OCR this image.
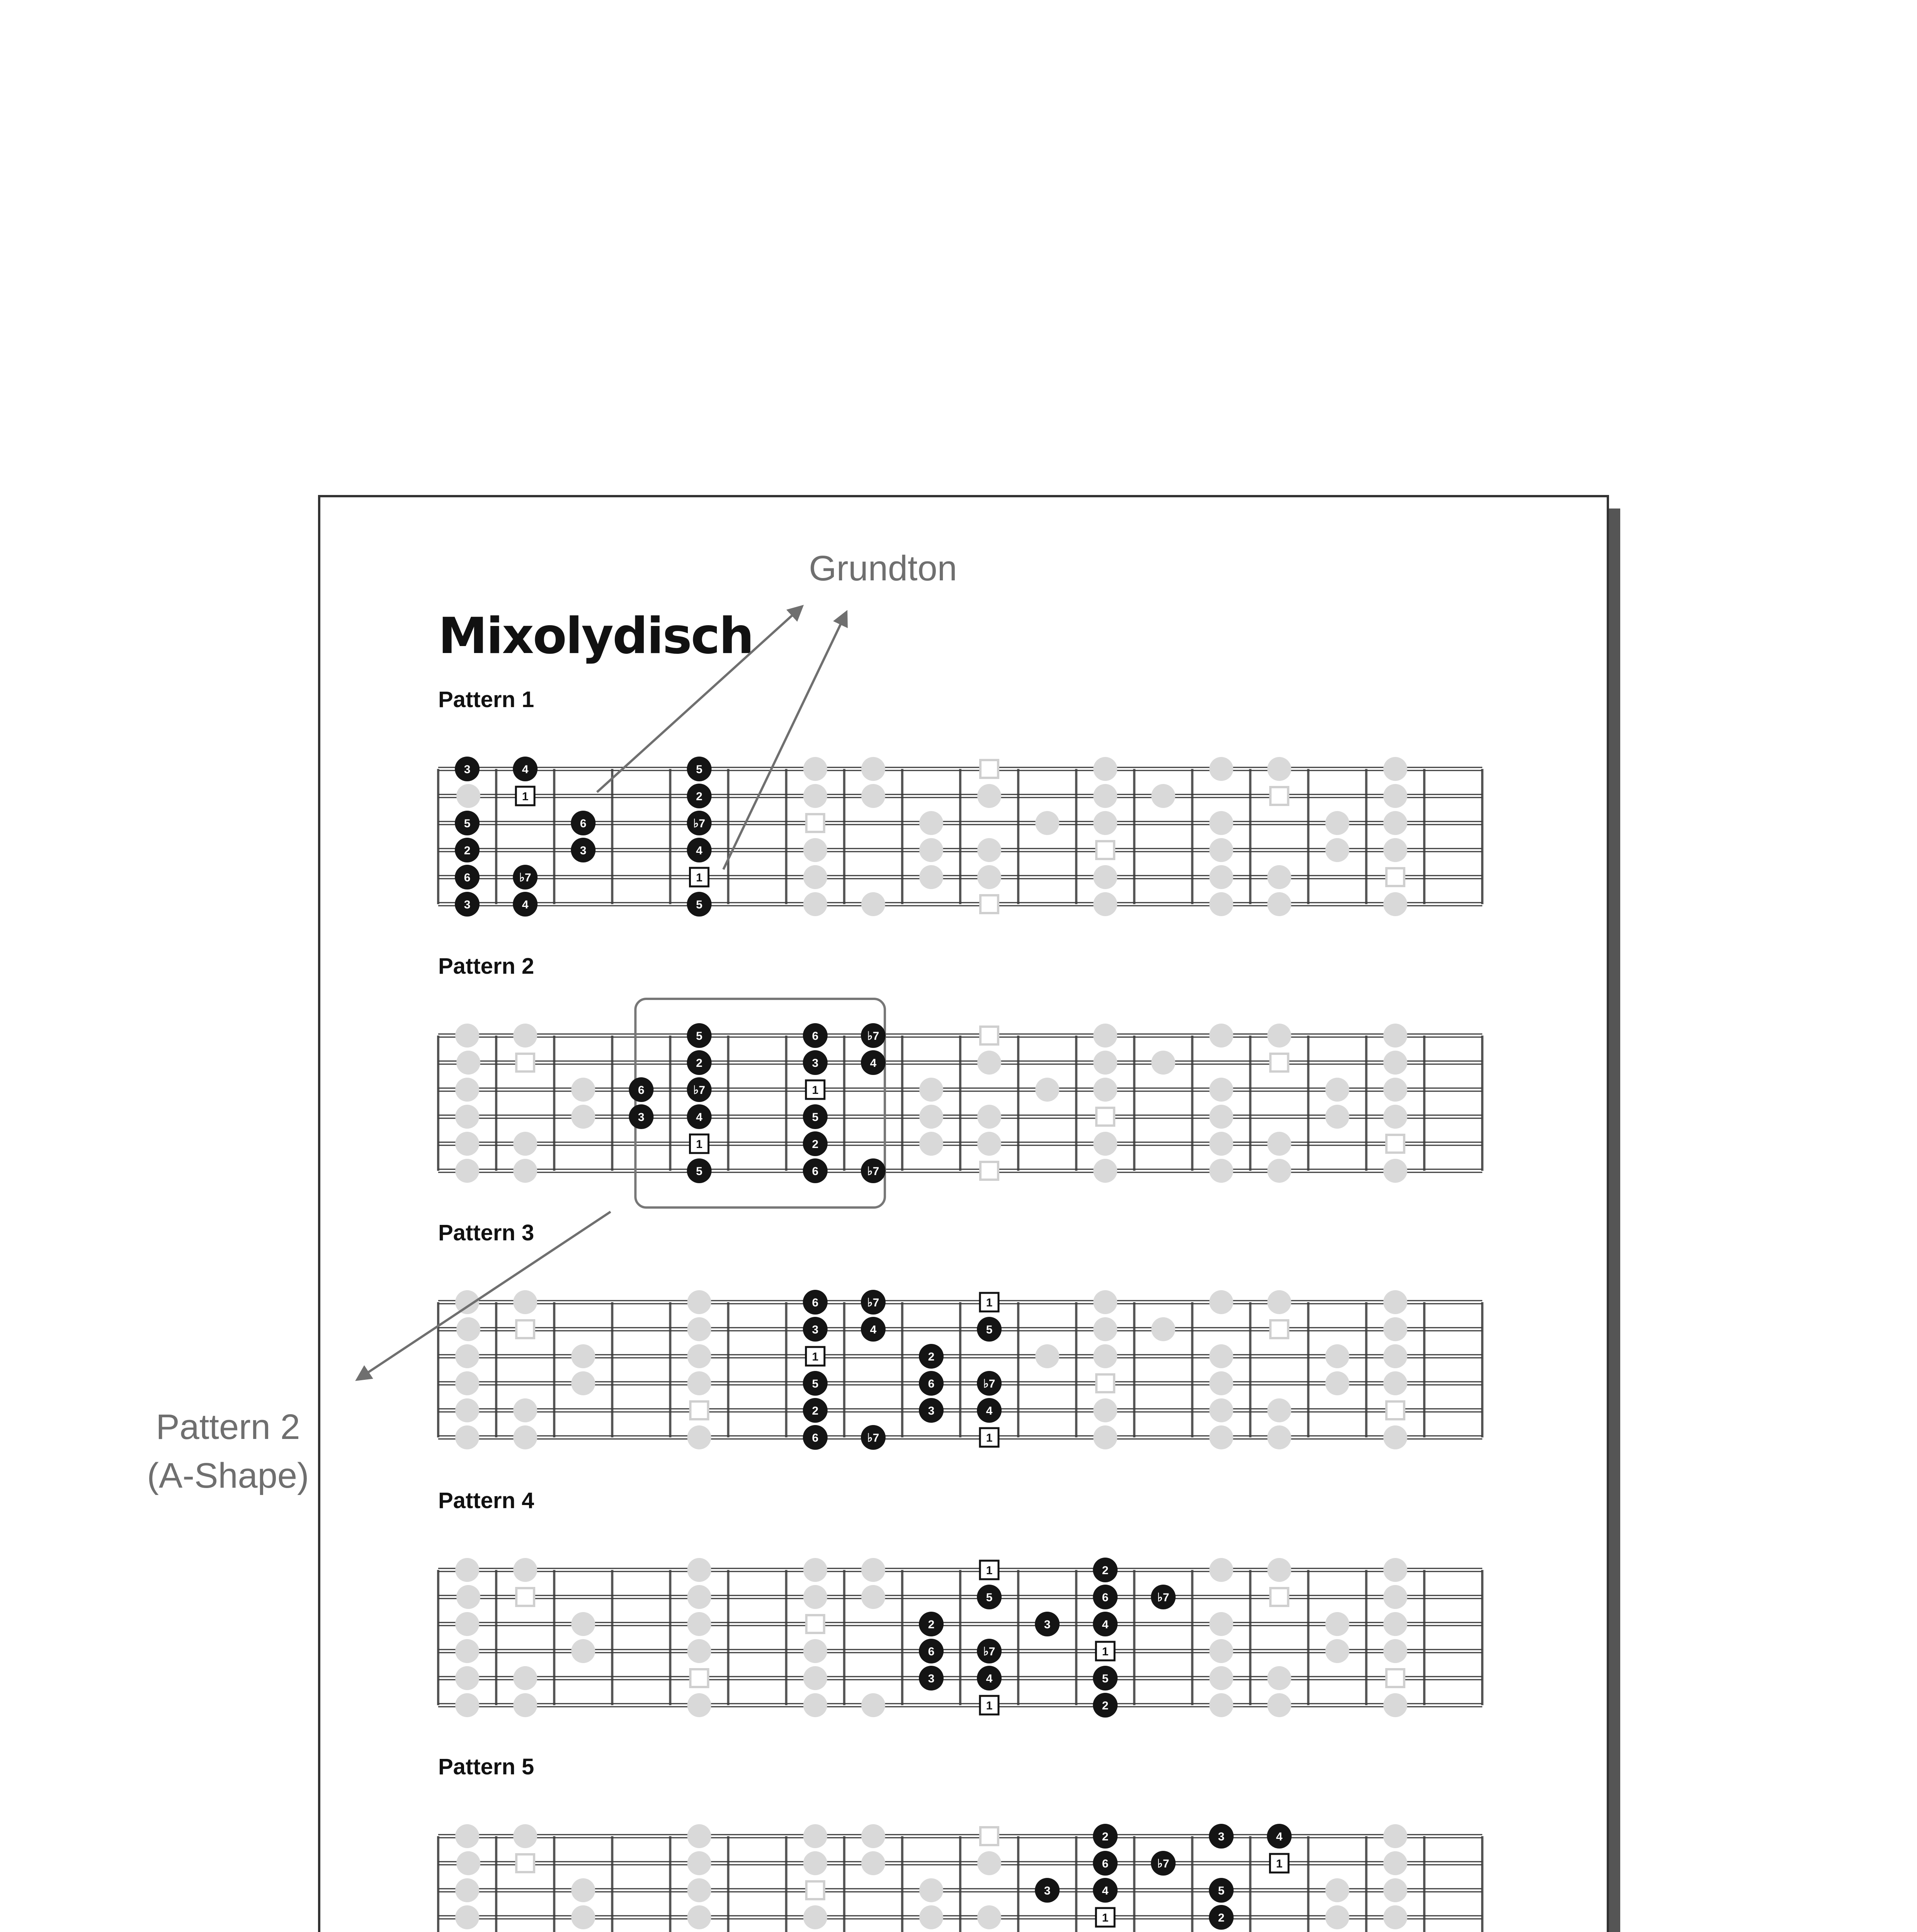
Mixolydisch
Pattern 1
3	4	5
1	2
5	6	♭7
2	3	4
6	♭7	1
3	4	5
Pattern 2
5	6	♭7
2	3	4
6	♭7	1
3	4	5
1	2
5	6	♭7
Pattern 3
6	♭7	1
3	4	5
1	2
5	6	♭7
2	3	4
6	♭7	1
Pattern 4
1	2
5	6	♭7
2	3	4
6	♭7	1
3	4	5
1	2
Pattern 5
2	3	4
6	♭7	1
3	4	5
1	2
Grundton
Pattern 2
(A-Shape)
